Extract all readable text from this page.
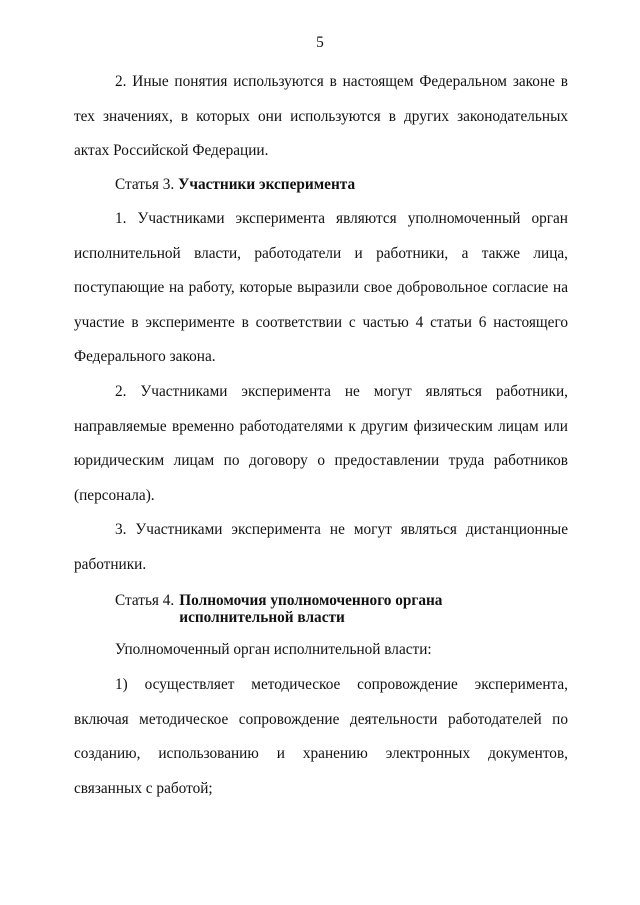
5

2. Иные понятия используются в настоящем Федеральном законе в тех значениях, в которых они используются в других законодательных актах Российской Федерации.

Статья 3. Участники эксперимента

1. Участниками эксперимента являются уполномоченный орган исполнительной власти, работодатели и работники, а также лица, поступающие на работу, которые выразили свое добровольное согласие на участие в эксперименте в соответствии с частью 4 статьи 6 настоящего Федерального закона.

2. Участниками эксперимента не могут являться работники, направляемые временно работодателями к другим физическим лицам или юридическим лицам по договору о предоставлении труда работников (персонала).

3. Участниками эксперимента не могут являться дистанционные работники.

Статья 4. Полномочия уполномоченного органа
исполнительной власти

Уполномоченный орган исполнительной власти:

1) осуществляет методическое сопровождение эксперимента, включая методическое сопровождение деятельности работодателей по созданию, использованию и хранению электронных документов, связанных с работой;
